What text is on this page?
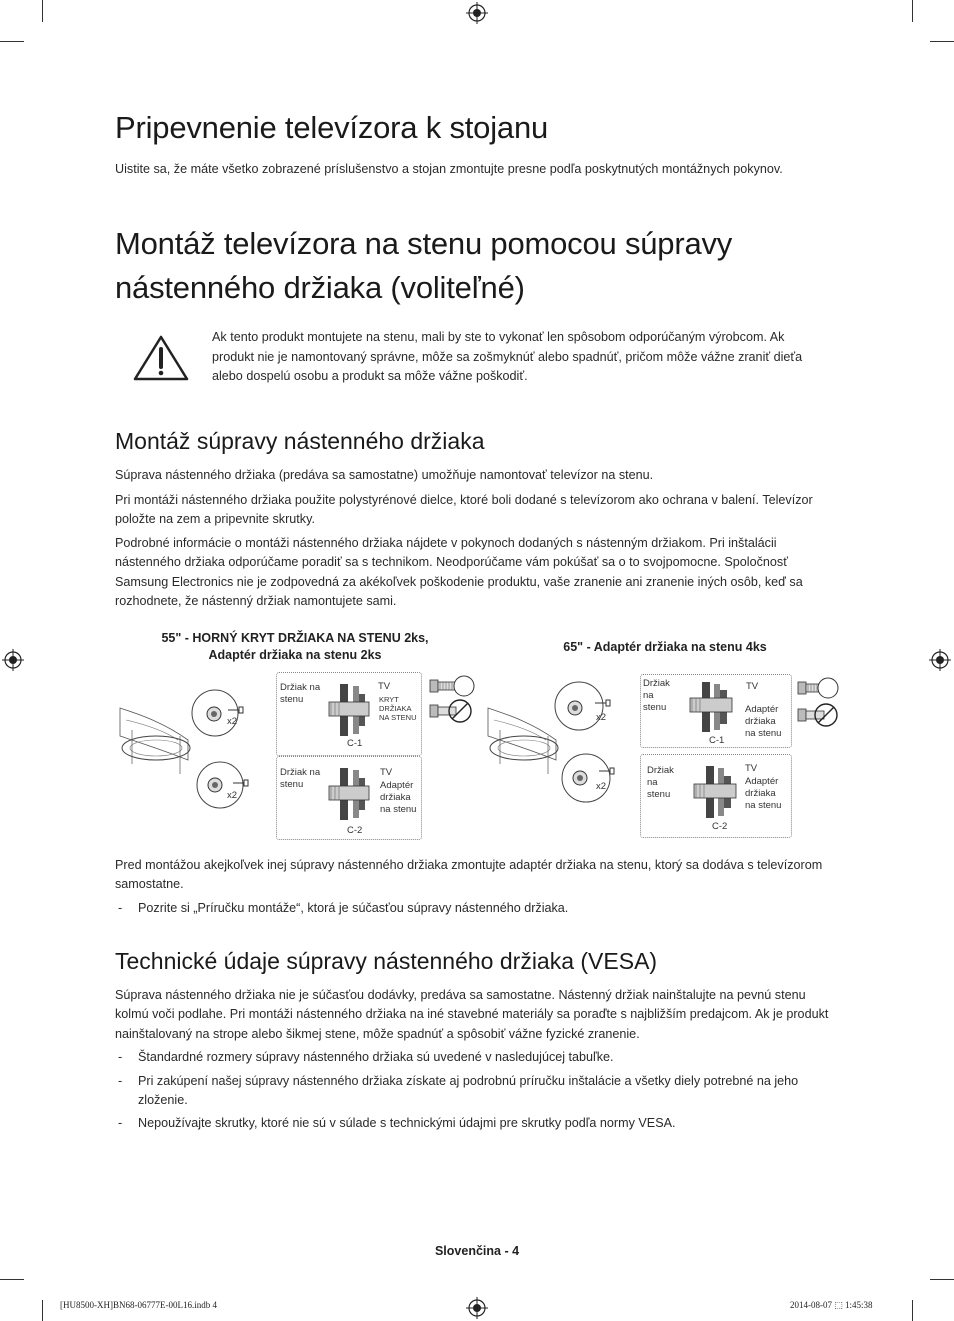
Pripevnenie televízora k stojanu

Uistite sa, že máte všetko zobrazené príslušenstvo a stojan zmontujte presne podľa poskytnutých montážnych pokynov.

Montáž televízora na stenu pomocou súpravy
nástenného držiaka (voliteľné)

Ak tento produkt montujete na stenu, mali by ste to vykonať len spôsobom odporúčaným výrobcom. Ak produkt nie je namontovaný správne, môže sa zošmyknúť alebo spadnúť, pričom môže vážne zraniť dieťa alebo dospelú osobu a produkt sa môže vážne poškodiť.

Montáž súpravy nástenného držiaka

Súprava nástenného držiaka (predáva sa samostatne) umožňuje namontovať televízor na stenu.

Pri montáži nástenného držiaka použite polystyrénové dielce, ktoré boli dodané s televízorom ako ochrana v balení. Televízor položte na zem a pripevnite skrutky.

Podrobné informácie o montáži nástenného držiaka nájdete v pokynoch dodaných s nástenným držiakom. Pri inštalácii nástenného držiaka odporúčame poradiť sa s technikom. Neodporúčame vám pokúšať sa o to svojpomocne. Spoločnosť Samsung Electronics nie je zodpovedná za akékoľvek poškodenie produktu, vaše zranenie ani zranenie iných osôb, keď sa rozhodnete, že nástenný držiak namontujete sami.

55" - HORNÝ KRYT DRŽIAKA NA STENU 2ks,
Adaptér držiaka na stenu 2ks
65" - Adaptér držiaka na stenu 4ks
x2
x2
Držiak na
stenu
TV
KRYT
DRŽIAKA
NA STENU
C-1
Držiak na
stenu
TV
Adaptér
držiaka
na stenu
C-2
x2
x2
Držiak
na
stenu
TV
Adaptér
držiaka
na stenu
C-1
Držiak
na
stenu
TV
Adaptér
držiaka
na stenu
C-2

Pred montážou akejkoľvek inej súpravy nástenného držiaka zmontujte adaptér držiaka na stenu, ktorý sa dodáva s televízorom samostatne.

-	Pozrite si „Príručku montáže“, ktorá je súčasťou súpravy nástenného držiaka.
Technické údaje súpravy nástenného držiaka (VESA)

Súprava nástenného držiaka nie je súčasťou dodávky, predáva sa samostatne. Nástenný držiak nainštalujte na pevnú stenu kolmú voči podlahe. Pri montáži nástenného držiaka na iné stavebné materiály sa poraďte s najbližším predajcom. Ak je produkt nainštalovaný na strope alebo šikmej stene, môže spadnúť a spôsobiť vážne fyzické zranenie.

-	Štandardné rozmery súpravy nástenného držiaka sú uvedené v nasledujúcej tabuľke.
-	Pri zakúpení našej súpravy nástenného držiaka získate aj podrobnú príručku inštalácie a všetky diely potrebné na jeho zloženie.
-	Nepoužívajte skrutky, ktoré nie sú v súlade s technickými údajmi pre skrutky podľa normy VESA.
Slovenčina - 4
[HU8500-XH]BN68-06777E-00L16.indb 4	2014-08-07 ⬚ 1:45:38
